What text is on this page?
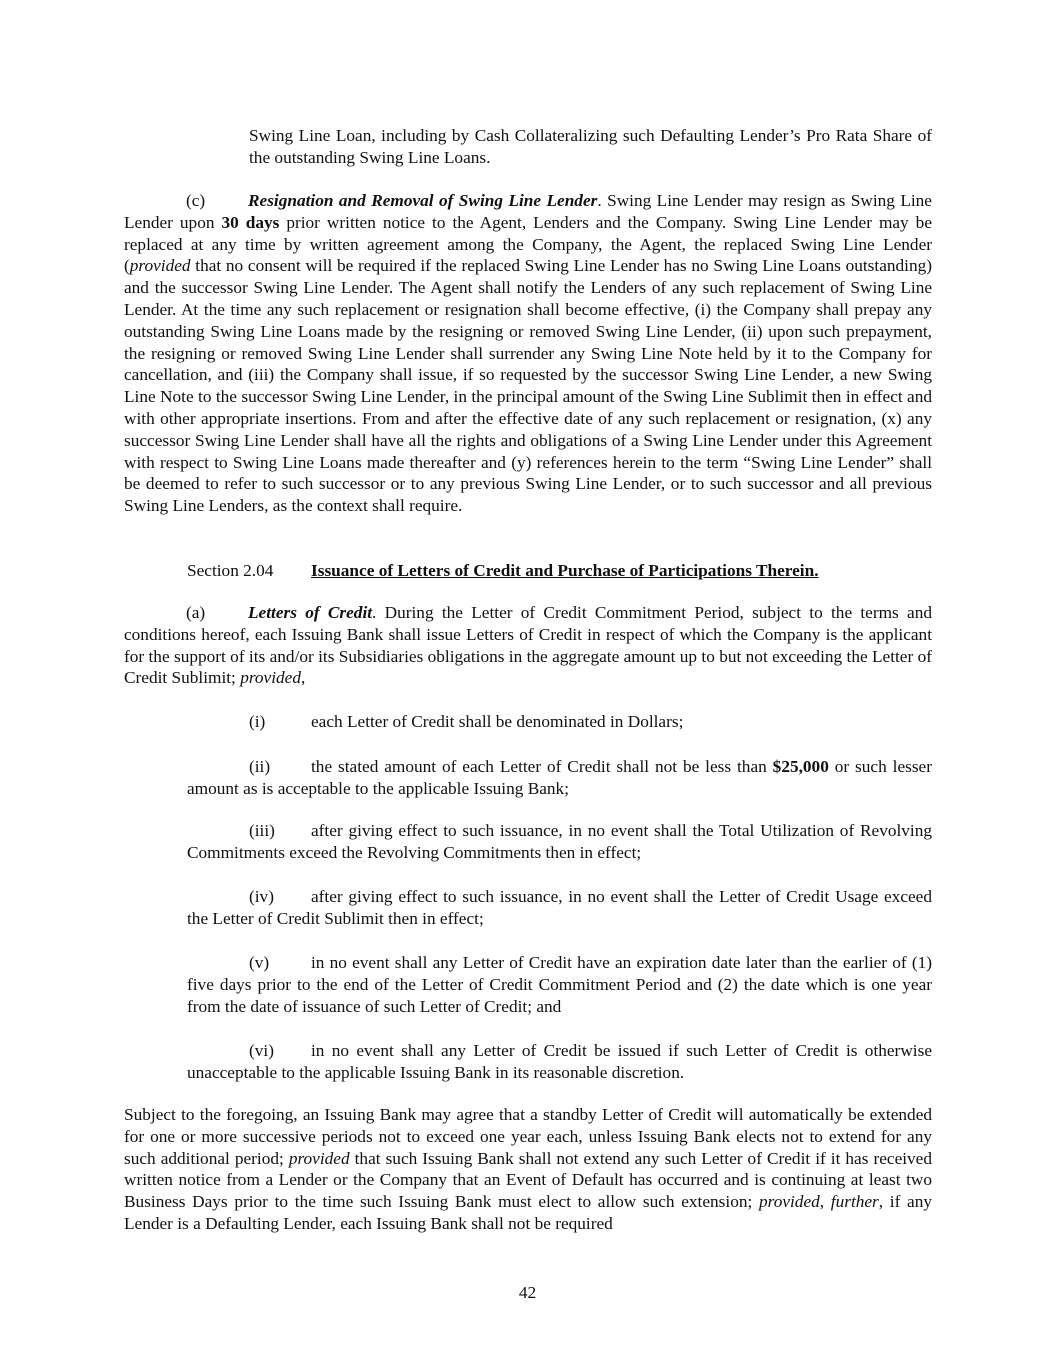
Swing Line Loan, including by Cash Collateralizing such Defaulting Lender’s Pro Rata Share of the outstanding Swing Line Loans.

(c) Resignation and Removal of Swing Line Lender. Swing Line Lender may resign as Swing Line Lender upon 30 days prior written notice to the Agent, Lenders and the Company. Swing Line Lender may be replaced at any time by written agreement among the Company, the Agent, the replaced Swing Line Lender (provided that no consent will be required if the replaced Swing Line Lender has no Swing Line Loans outstanding) and the successor Swing Line Lender. The Agent shall notify the Lenders of any such replacement of Swing Line Lender. At the time any such replacement or resignation shall become effective, (i) the Company shall prepay any outstanding Swing Line Loans made by the resigning or removed Swing Line Lender, (ii) upon such prepayment, the resigning or removed Swing Line Lender shall surrender any Swing Line Note held by it to the Company for cancellation, and (iii) the Company shall issue, if so requested by the successor Swing Line Lender, a new Swing Line Note to the successor Swing Line Lender, in the principal amount of the Swing Line Sublimit then in effect and with other appropriate insertions. From and after the effective date of any such replacement or resignation, (x) any successor Swing Line Lender shall have all the rights and obligations of a Swing Line Lender under this Agreement with respect to Swing Line Loans made thereafter and (y) references herein to the term “Swing Line Lender” shall be deemed to refer to such successor or to any previous Swing Line Lender, or to such successor and all previous Swing Line Lenders, as the context shall require.

Section 2.04 Issuance of Letters of Credit and Purchase of Participations Therein.

(a) Letters of Credit. During the Letter of Credit Commitment Period, subject to the terms and conditions hereof, each Issuing Bank shall issue Letters of Credit in respect of which the Company is the applicant for the support of its and/or its Subsidiaries obligations in the aggregate amount up to but not exceeding the Letter of Credit Sublimit; provided,

(i)	each Letter of Credit shall be denominated in Dollars;

(ii) the stated amount of each Letter of Credit shall not be less than $25,000 or such lesser amount as is acceptable to the applicable Issuing Bank;

(iii) after giving effect to such issuance, in no event shall the Total Utilization of Revolving Commitments exceed the Revolving Commitments then in effect;

(iv) after giving effect to such issuance, in no event shall the Letter of Credit Usage exceed the Letter of Credit Sublimit then in effect;

(v) in no event shall any Letter of Credit have an expiration date later than the earlier of (1) five days prior to the end of the Letter of Credit Commitment Period and (2) the date which is one year from the date of issuance of such Letter of Credit; and

(vi) in no event shall any Letter of Credit be issued if such Letter of Credit is otherwise unacceptable to the applicable Issuing Bank in its reasonable discretion.

Subject to the foregoing, an Issuing Bank may agree that a standby Letter of Credit will automatically be extended for one or more successive periods not to exceed one year each, unless Issuing Bank elects not to extend for any such additional period; provided that such Issuing Bank shall not extend any such Letter of Credit if it has received written notice from a Lender or the Company that an Event of Default has occurred and is continuing at least two Business Days prior to the time such Issuing Bank must elect to allow such extension; provided, further, if any Lender is a Defaulting Lender, each Issuing Bank shall not be required

42
